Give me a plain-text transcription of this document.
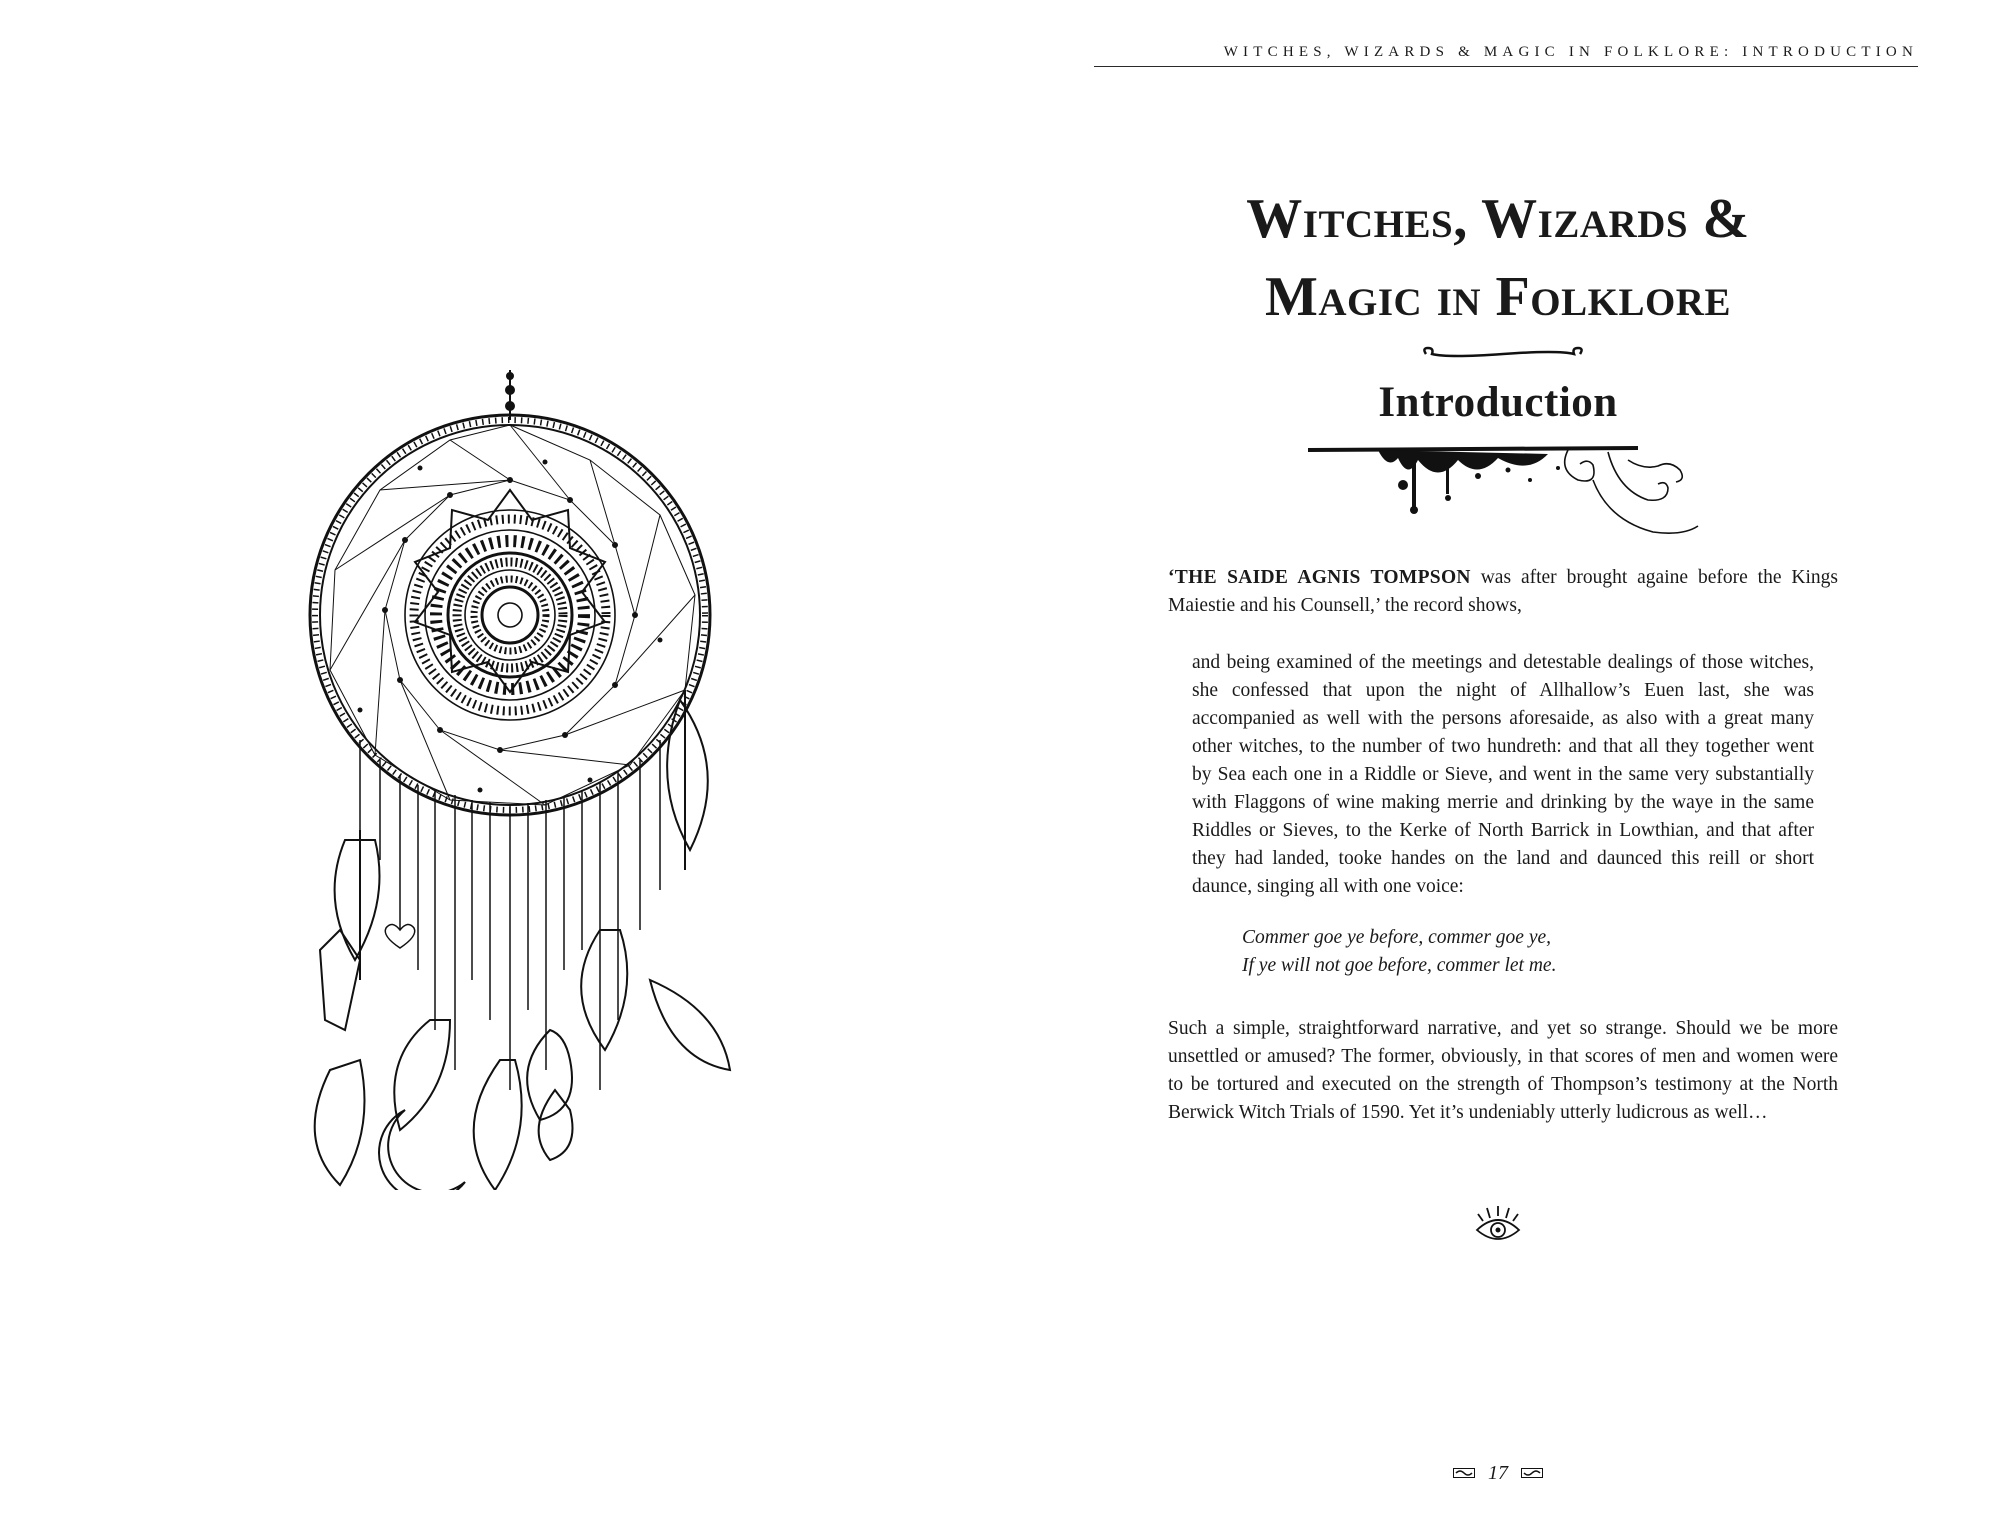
WITCHES, WIZARDS & MAGIC IN FOLKLORE: INTRODUCTION
Witches, Wizards &
Magic in Folklore
Introduction
‘THE SAIDE AGNIS TOMPSON was after brought againe before the Kings Maiestie and his Counsell,’ the record shows,
and being examined of the meetings and detestable dealings of those witches, she confessed that upon the night of Allhallow’s Euen last, she was accompanied as well with the persons aforesaide, as also with a great many other witches, to the number of two hundreth: and that all they together went by Sea each one in a Riddle or Sieve, and went in the same very substantially with Flaggons of wine making merrie and drinking by the waye in the same Riddles or Sieves, to the Kerke of North Barrick in Lowthian, and that after they had landed, tooke handes on the land and daunced this reill or short daunce, singing all with one voice:
Commer goe ye before, commer goe ye,
If ye will not goe before, commer let me.
Such a simple, straightforward narrative, and yet so strange. Should we be more unsettled or amused? The former, obviously, in that scores of men and women were to be tortured and executed on the strength of Thompson’s testimony at the North Berwick Witch Trials of 1590. Yet it’s undeniably utterly ludicrous as well…
17
